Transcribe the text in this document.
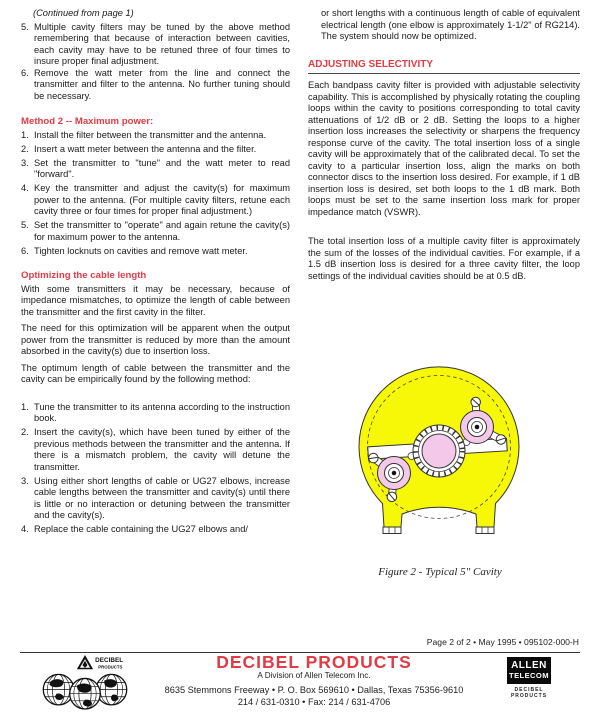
(Continued from page 1)
5. Multiple cavity filters may be tuned by the above method remembering that because of interaction between cavities, each cavity may have to be retuned three of four times to insure proper final adjustment.
6. Remove the watt meter from the line and connect the transmitter and filter to the antenna. No further tuning should be necessary.
Method 2 -- Maximum power:
1. Install the filter between the transmitter and the antenna.
2. Insert a watt meter between the antenna and the filter.
3. Set the transmitter to "tune" and the watt meter to read "forward".
4. Key the transmitter and adjust the cavity(s) for maximum power to the antenna. (For multiple cavity filters, retune each cavity three or four times for proper final adjustment.)
5. Set the transmitter to "operate" and again retune the cavity(s) for maximum power to the antenna.
6. Tighten locknuts on cavities and remove watt meter.
Optimizing the cable length

With some transmitters it may be necessary, because of impedance mismatches, to optimize the length of cable between the transmitter and the first cavity in the filter.

The need for this optimization will be apparent when the output power from the transmitter is reduced by more than the amount absorbed in the cavity(s) due to insertion loss.

The optimum length of cable between the transmitter and the cavity can be empirically found by the following method:

1. Tune the transmitter to its antenna according to the instruction book.
2. Insert the cavity(s), which have been tuned by either of the previous methods between the transmitter and the antenna. If there is a mismatch problem, the cavity will detune the transmitter.
3. Using either short lengths of cable or UG27 elbows, increase cable lengths between the transmitter and cavity(s) until there is little or no interaction or detuning between the transmitter and the cavity(s).
4. Replace the cable containing the UG27 elbows and/

or short lengths with a continuous length of cable of equivalent electrical length (one elbow is approximately 1-1/2" of RG214). The system should now be optimized.

ADJUSTING SELECTIVITY

Each bandpass cavity filter is provided with adjustable selectivity capability. This is accomplished by physically rotating the coupling loops within the cavity to positions corresponding to total cavity attenuations of 1/2 dB or 2 dB. Setting the loops to a higher insertion loss increases the selectivity or sharpens the frequency response curve of the cavity. The total insertion loss of a single cavity will be approximately that of the calibrated decal. To set the cavity to a particular insertion loss, align the marks on both connector discs to the insertion loss desired. For example, if 1 dB insertion loss is desired, set both loops to the 1 dB mark. Both loops must be set to the same insertion loss mark for proper impedance match (VSWR).

The total insertion loss of a multiple cavity filter is approximately the sum of the losses of the individual cavities. For example, if a 1.5 dB insertion loss is desired for a three cavity filter, the loop settings of the individual cavities should be at 0.5 dB.

Figure 2 - Typical 5" Cavity
Page 2 of 2 • May 1995 • 095102-000-H
DECIBEL
PRODUCTS	DECIBEL PRODUCTS
A Division of Allen Telecom Inc.
8635 Stemmons Freeway • P. O. Box 569610 • Dallas, Texas 75356-9610
214 / 631-0310 • Fax: 214 / 631-4706
ALLEN
TELECOM
DECIBEL
PRODUCTS
